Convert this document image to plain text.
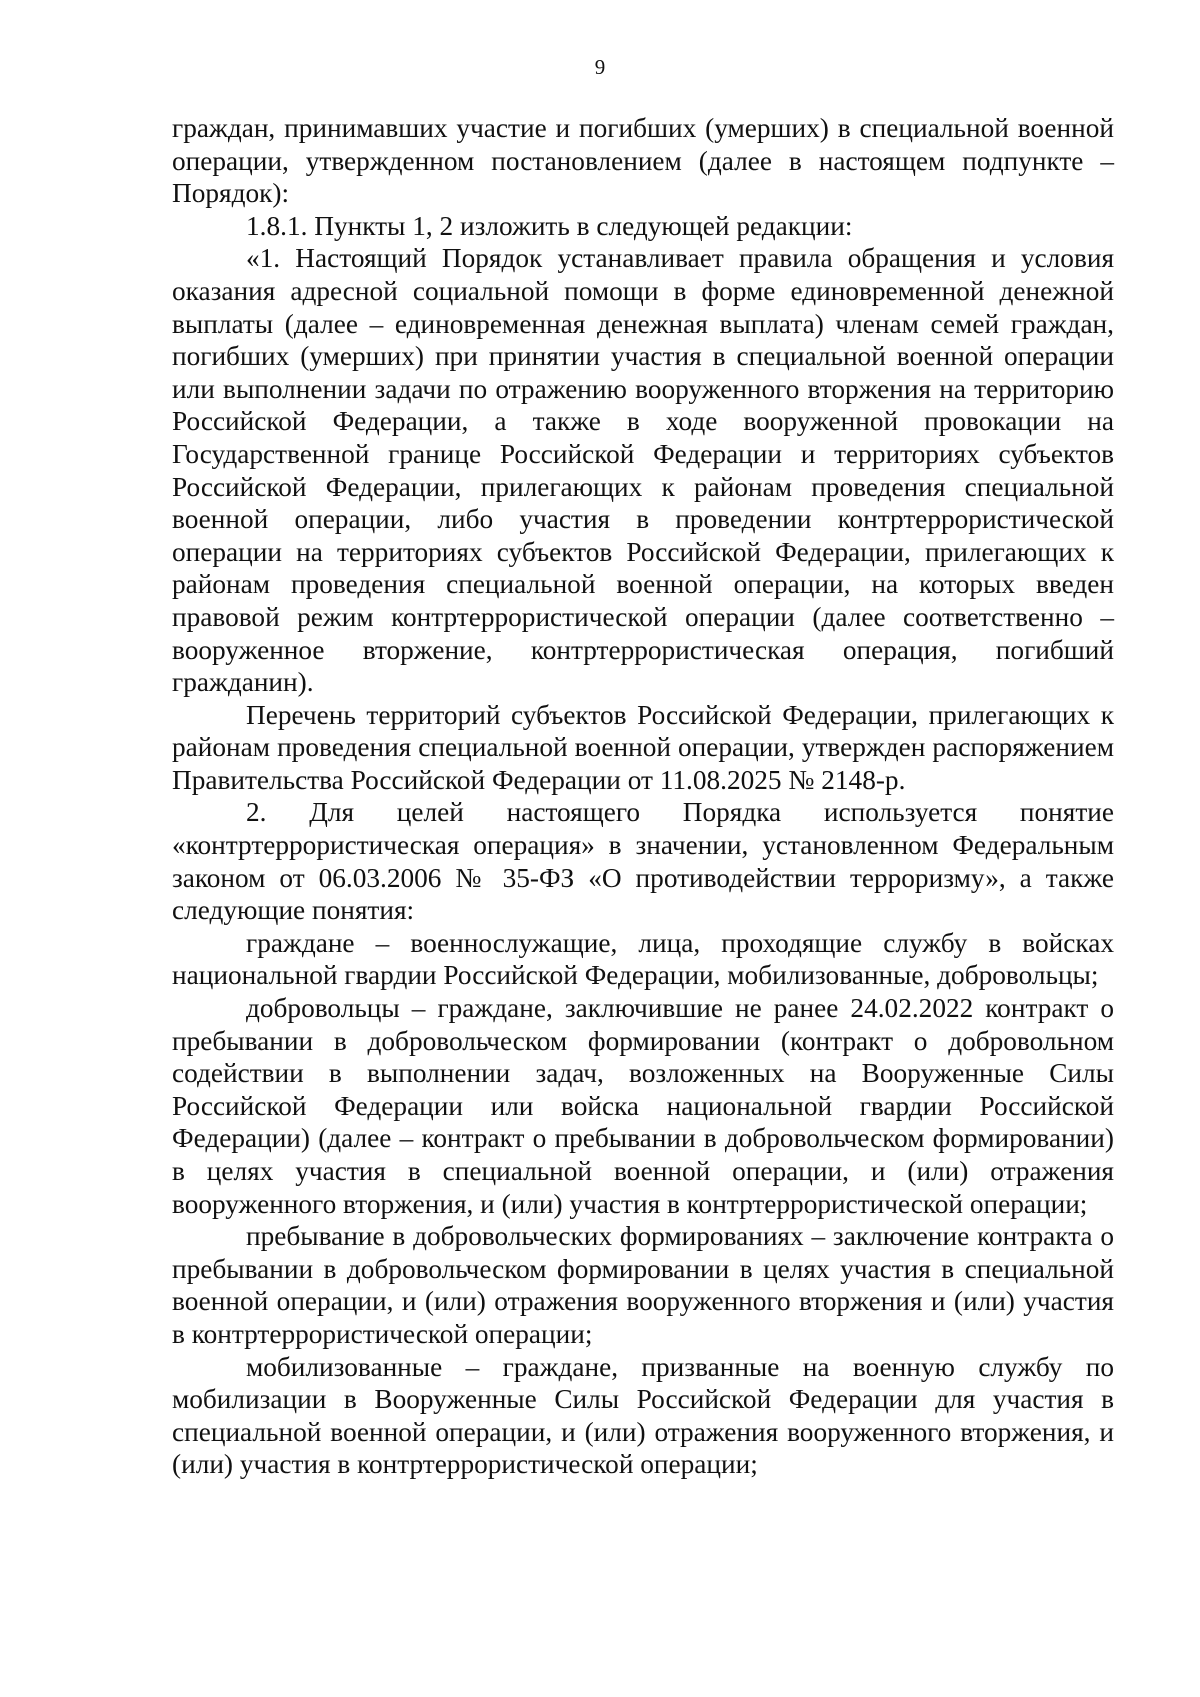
9

граждан, принимавших участие и погибших (умерших) в специальной военной операции, утвержденном постановлением (далее в настоящем подпункте – Порядок):

1.8.1. Пункты 1, 2 изложить в следующей редакции:

«1. Настоящий Порядок устанавливает правила обращения и условия оказания адресной социальной помощи в форме единовременной денежной выплаты (далее – единовременная денежная выплата) членам семей граждан, погибших (умерших) при принятии участия в специальной военной операции или выполнении задачи по отражению вооруженного вторжения на территорию Российской Федерации, а также в ходе вооруженной провокации на Государственной границе Российской Федерации и территориях субъектов Российской Федерации, прилегающих к районам проведения специальной военной операции, либо участия в проведении контртеррористической операции на территориях субъектов Российской Федерации, прилегающих к районам проведения специальной военной операции, на которых введен правовой режим контртеррористической операции (далее соответственно – вооруженное вторжение, контртеррористическая операция, погибший гражданин).

Перечень территорий субъектов Российской Федерации, прилегающих к районам проведения специальной военной операции, утвержден распоряжением Правительства Российской Федерации от 11.08.2025 № 2148-р.

2. Для целей настоящего Порядка используется понятие «контртеррористическая операция» в значении, установленном Федеральным законом от 06.03.2006 № 35-ФЗ «О противодействии терроризму», а также следующие понятия:

граждане – военнослужащие, лица, проходящие службу в войсках национальной гвардии Российской Федерации, мобилизованные, добровольцы;

добровольцы – граждане, заключившие не ранее 24.02.2022 контракт о пребывании в добровольческом формировании (контракт о добровольном содействии в выполнении задач, возложенных на Вооруженные Силы Российской Федерации или войска национальной гвардии Российской Федерации) (далее – контракт о пребывании в добровольческом формировании) в целях участия в специальной военной операции, и (или) отражения вооруженного вторжения, и (или) участия в контртеррористической операции;

пребывание в добровольческих формированиях – заключение контракта о пребывании в добровольческом формировании в целях участия в специальной военной операции, и (или) отражения вооруженного вторжения и (или) участия в контртеррористической операции;

мобилизованные – граждане, призванные на военную службу по мобилизации в Вооруженные Силы Российской Федерации для участия в специальной военной операции, и (или) отражения вооруженного вторжения, и (или) участия в контртеррористической операции;
